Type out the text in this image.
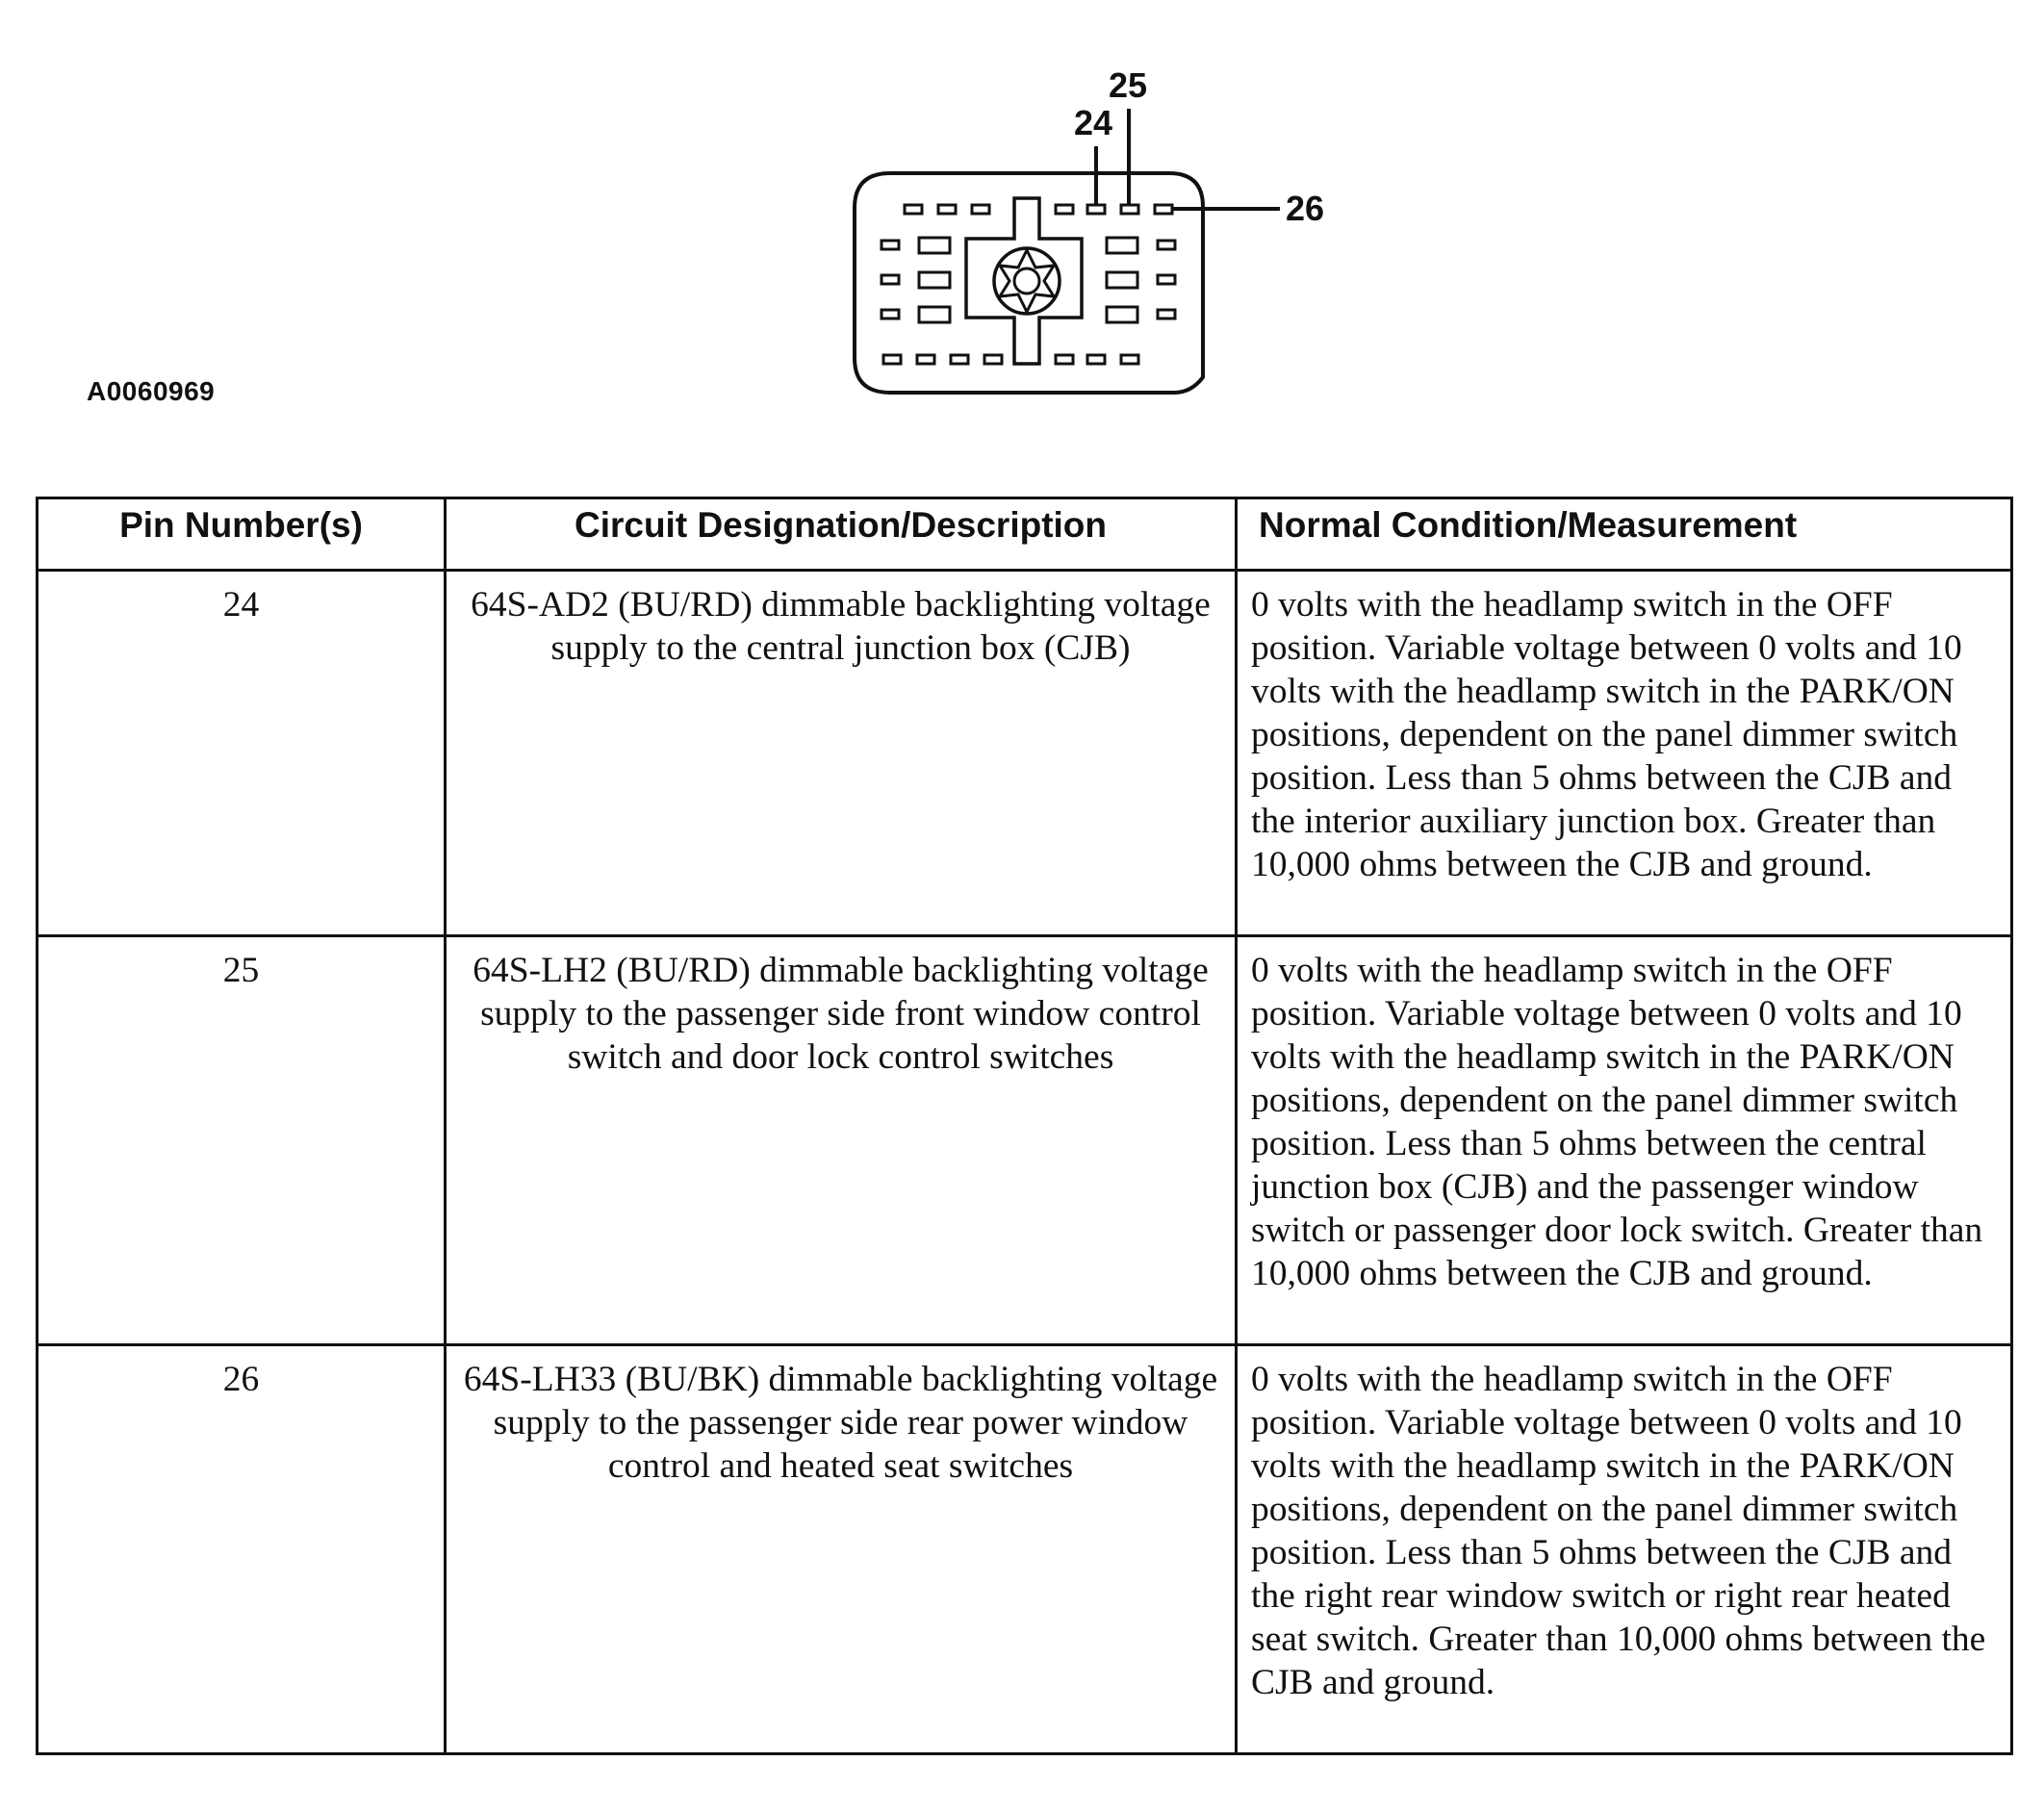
24
25
26
A0060969
Pin Number(s)	Circuit Designation/Description	Normal Condition/Measurement
24	64S-AD2 (BU/RD) dimmable backlighting voltage supply to the central junction box (CJB)	0 volts with the headlamp switch in the OFF position. Variable voltage between 0 volts and 10 volts with the headlamp switch in the PARK/ON positions, dependent on the panel dimmer switch position. Less than 5 ohms between the CJB and the interior auxiliary junction box. Greater than 10,000 ohms between the CJB and ground.
25	64S-LH2 (BU/RD) dimmable backlighting voltage supply to the passenger side front window control switch and door lock control switches	0 volts with the headlamp switch in the OFF position. Variable voltage between 0 volts and 10 volts with the headlamp switch in the PARK/ON positions, dependent on the panel dimmer switch position. Less than 5 ohms between the central junction box (CJB) and the passenger window switch or passenger door lock switch. Greater than 10,000 ohms between the CJB and ground.
26	64S-LH33 (BU/BK) dimmable backlighting voltage supply to the passenger side rear power window control and heated seat switches	0 volts with the headlamp switch in the OFF position. Variable voltage between 0 volts and 10 volts with the headlamp switch in the PARK/ON positions, dependent on the panel dimmer switch position. Less than 5 ohms between the CJB and the right rear window switch or right rear heated seat switch. Greater than 10,000 ohms between the CJB and ground.
